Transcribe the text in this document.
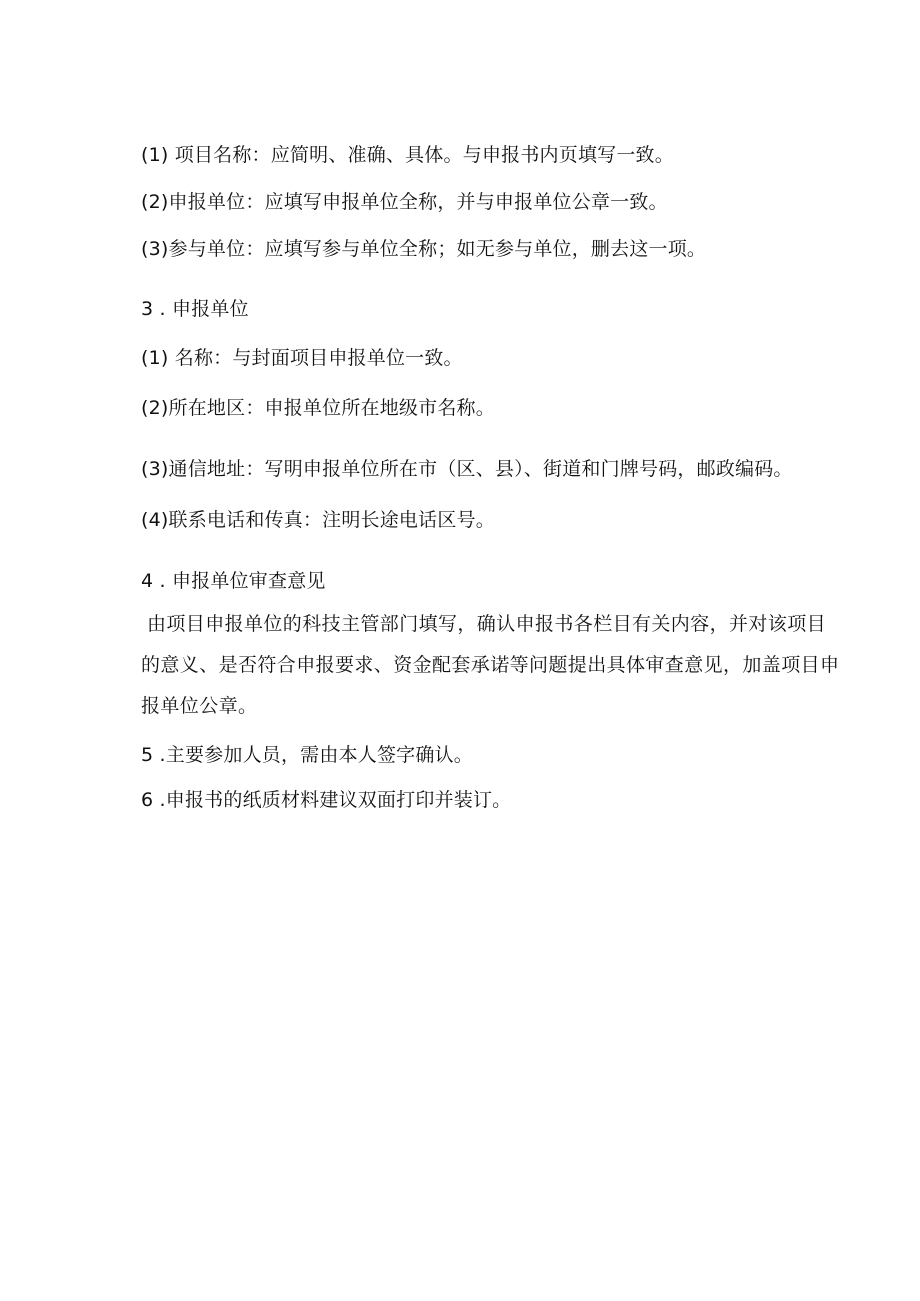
(1) 项目名称：应简明、准确、具体。与申报书内页填写一致。
(2)申报单位：应填写申报单位全称，并与申报单位公章一致。
(3)参与单位：应填写参与单位全称；如无参与单位，删去这一项。
3 . 申报单位
(1) 名称：与封面项目申报单位一致。
(2)所在地区：申报单位所在地级市名称。
(3)通信地址：写明申报单位所在市（区、县）、街道和门牌号码，邮政编码。
(4)联系电话和传真：注明长途电话区号。
4 . 申报单位审查意见
由项目申报单位的科技主管部门填写，确认申报书各栏目有关内容，并对该项目的意义、是否符合申报要求、资金配套承诺等问题提出具体审查意见，加盖项目申报单位公章。
5 .主要参加人员，需由本人签字确认。
6 .申报书的纸质材料建议双面打印并装订。
